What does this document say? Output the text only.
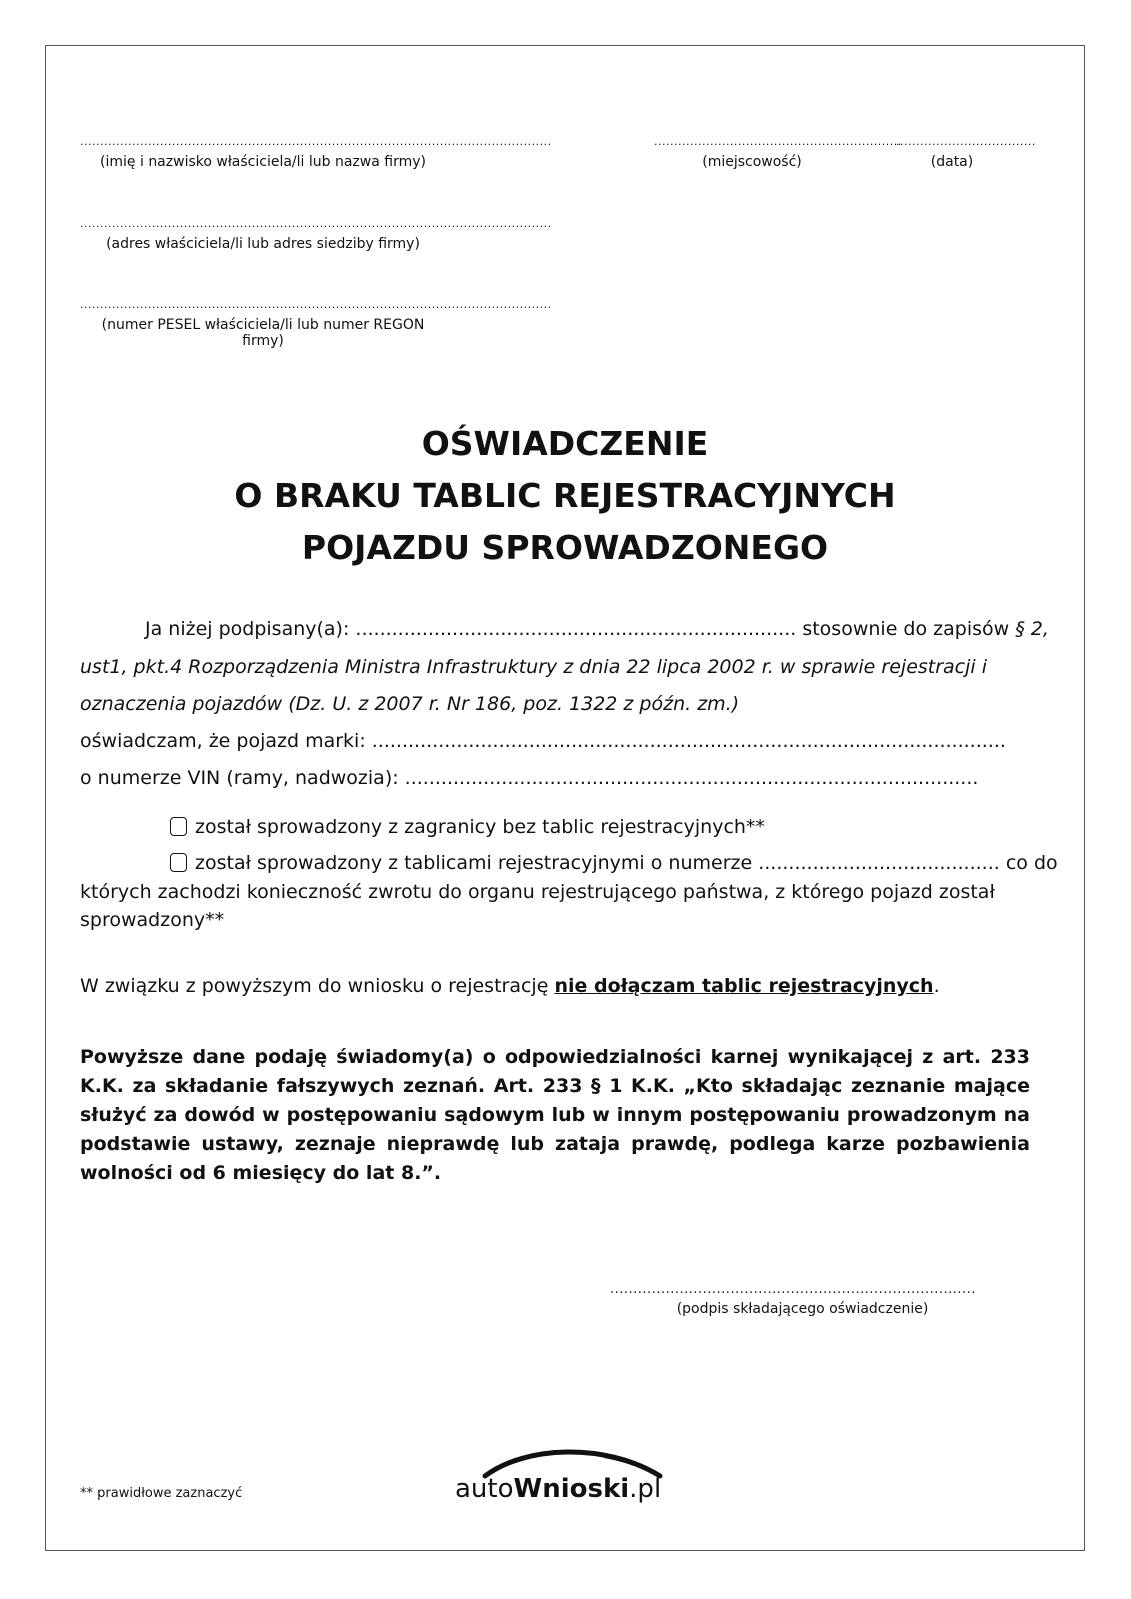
......................................................................................................................
(imię i nazwisko właściciela/li lub nazwa firmy)
..............................................................
(miejscowość)
...................................
(data)
......................................................................................................................
(adres właściciela/li lub adres siedziby firmy)
......................................................................................................................
(numer PESEL właściciela/li lub numer REGON firmy)
OŚWIADCZENIE
O BRAKU TABLIC REJESTRACYJNYCH
POJAZDU SPROWADZONEGO
Ja niżej podpisany(a): ......................................................................... stosownie do zapisów § 2,
ust1, pkt.4 Rozporządzenia Ministra Infrastruktury z dnia 22 lipca 2002 r. w sprawie rejestracji i
oznaczenia pojazdów (Dz. U. z 2007 r. Nr 186, poz. 1322 z późn. zm.)
oświadczam, że pojazd marki: .........................................................................................................
o numerze VIN (ramy, nadwozia): ...............................................................................................
został sprowadzony z zagranicy bez tablic rejestracyjnych**
został sprowadzony z tablicami rejestracyjnymi o numerze ........................................ co do
których zachodzi konieczność zwrotu do organu rejestrującego państwa, z którego pojazd został
sprowadzony**
W związku z powyższym do wniosku o rejestrację nie dołączam tablic rejestracyjnych.
Powyższe dane podaję świadomy(a) o odpowiedzialności karnej wynikającej z art. 233 K.K. za składanie fałszywych zeznań. Art. 233 § 1 K.K. „Kto składając zeznanie mające służyć za dowód w postępowaniu sądowym lub w innym postępowaniu prowadzonym na podstawie ustawy, zeznaje nieprawdę lub zataja prawdę, podlega karze pozbawienia wolności od 6 miesięcy do lat 8.”.
...............................................................................
(podpis składającego oświadczenie)
** prawidłowe zaznaczyć	autoWnioski.pl
